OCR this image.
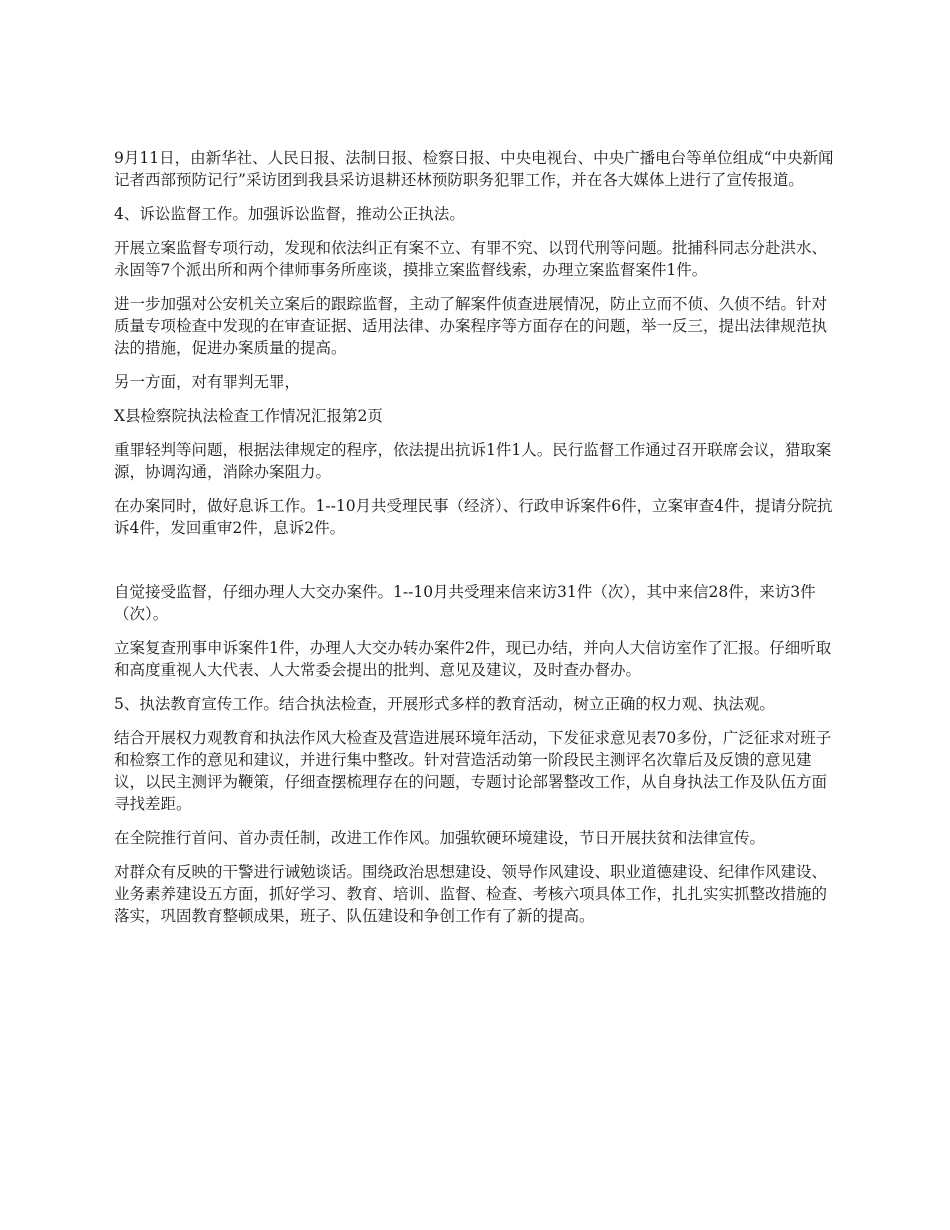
9月11日，由新华社、人民日报、法制日报、检察日报、中央电视台、中央广播电台等单位组成“中央新闻记者西部预防记行”采访团到我县采访退耕还林预防职务犯罪工作，并在各大媒体上进行了宣传报道。

4、诉讼监督工作。加强诉讼监督，推动公正执法。

开展立案监督专项行动，发现和依法纠正有案不立、有罪不究、以罚代刑等问题。批捕科同志分赴洪水、永固等7个派出所和两个律师事务所座谈，摸排立案监督线索，办理立案监督案件1件。

进一步加强对公安机关立案后的跟踪监督，主动了解案件侦查进展情况，防止立而不侦、久侦不结。针对质量专项检查中发现的在审查证据、适用法律、办案程序等方面存在的问题，举一反三，提出法律规范执法的措施，促进办案质量的提高。

另一方面，对有罪判无罪，

X县检察院执法检查工作情况汇报第2页

重罪轻判等问题，根据法律规定的程序，依法提出抗诉1件1人。民行监督工作通过召开联席会议，猎取案源，协调沟通，消除办案阻力。

在办案同时，做好息诉工作。1--10月共受理民事（经济）、行政申诉案件6件，立案审查4件，提请分院抗诉4件，发回重审2件，息诉2件。

自觉接受监督，仔细办理人大交办案件。1--10月共受理来信来访31件（次），其中来信28件，来访3件（次）。

立案复查刑事申诉案件1件，办理人大交办转办案件2件，现已办结，并向人大信访室作了汇报。仔细听取和高度重视人大代表、人大常委会提出的批判、意见及建议，及时查办督办。

5、执法教育宣传工作。结合执法检查，开展形式多样的教育活动，树立正确的权力观、执法观。

结合开展权力观教育和执法作风大检查及营造进展环境年活动，下发征求意见表70多份，广泛征求对班子和检察工作的意见和建议，并进行集中整改。针对营造活动第一阶段民主测评名次靠后及反馈的意见建议，以民主测评为鞭策，仔细查摆梳理存在的问题，专题讨论部署整改工作，从自身执法工作及队伍方面寻找差距。

在全院推行首问、首办责任制，改进工作作风。加强软硬环境建设，节日开展扶贫和法律宣传。

对群众有反映的干警进行诫勉谈话。围绕政治思想建设、领导作风建设、职业道德建设、纪律作风建设、业务素养建设五方面，抓好学习、教育、培训、监督、检查、考核六项具体工作，扎扎实实抓整改措施的落实，巩固教育整顿成果，班子、队伍建设和争创工作有了新的提高。
